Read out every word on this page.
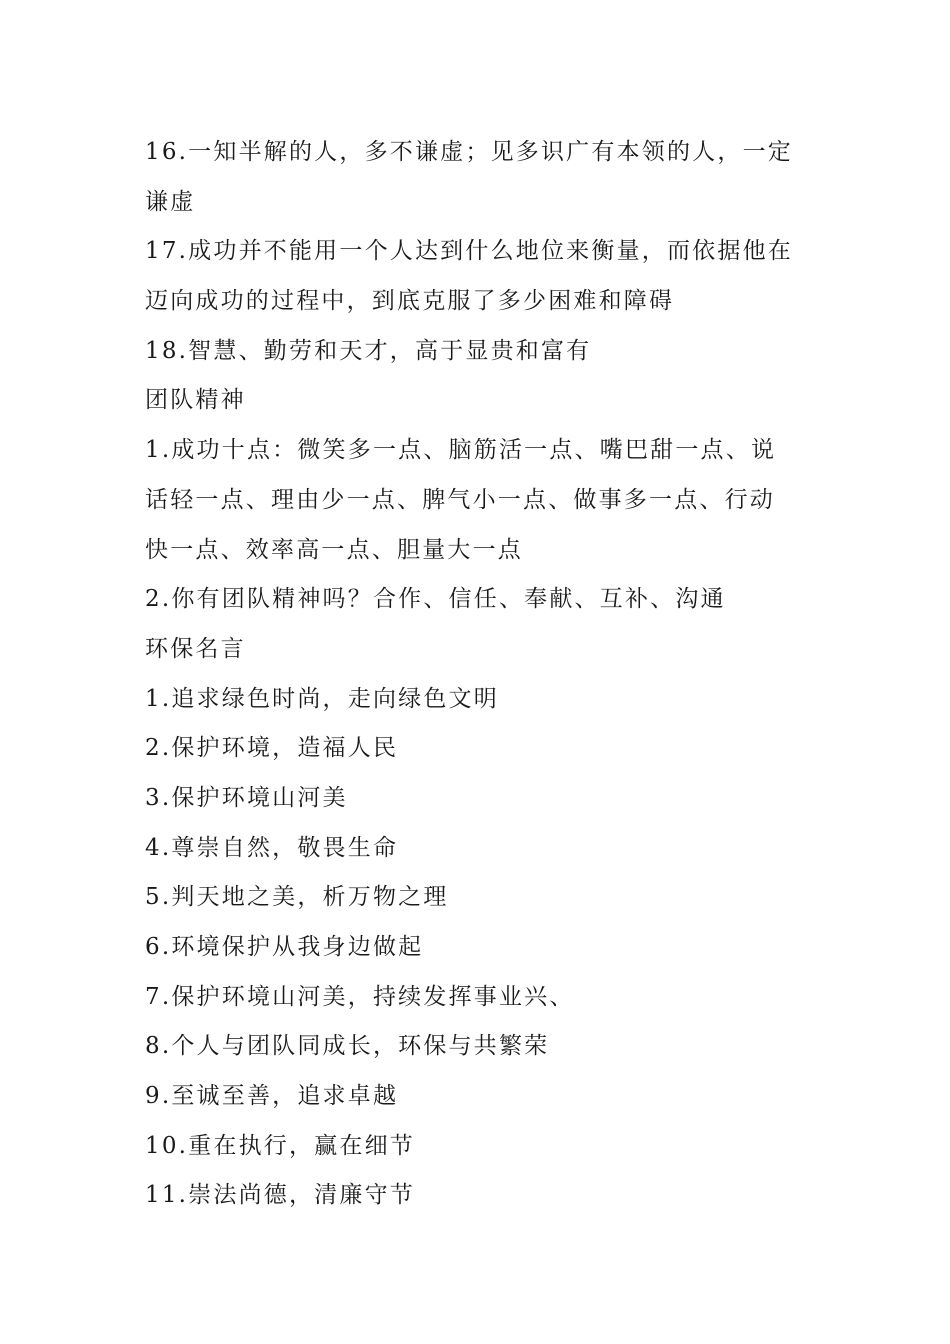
16.一知半解的人，多不谦虚；见多识广有本领的人，一定
谦虚
17.成功并不能用一个人达到什么地位来衡量，而依据他在
迈向成功的过程中，到底克服了多少困难和障碍
18.智慧、勤劳和天才，高于显贵和富有
团队精神
1.成功十点：微笑多一点、脑筋活一点、嘴巴甜一点、说
话轻一点、理由少一点、脾气小一点、做事多一点、行动
快一点、效率高一点、胆量大一点
2.你有团队精神吗？合作、信任、奉献、互补、沟通
环保名言
1.追求绿色时尚，走向绿色文明
2.保护环境，造福人民
3.保护环境山河美
4.尊崇自然，敬畏生命
5.判天地之美，析万物之理
6.环境保护从我身边做起
7.保护环境山河美，持续发挥事业兴、
8.个人与团队同成长，环保与共繁荣
9.至诚至善，追求卓越
10.重在执行，赢在细节
11.崇法尚德，清廉守节
